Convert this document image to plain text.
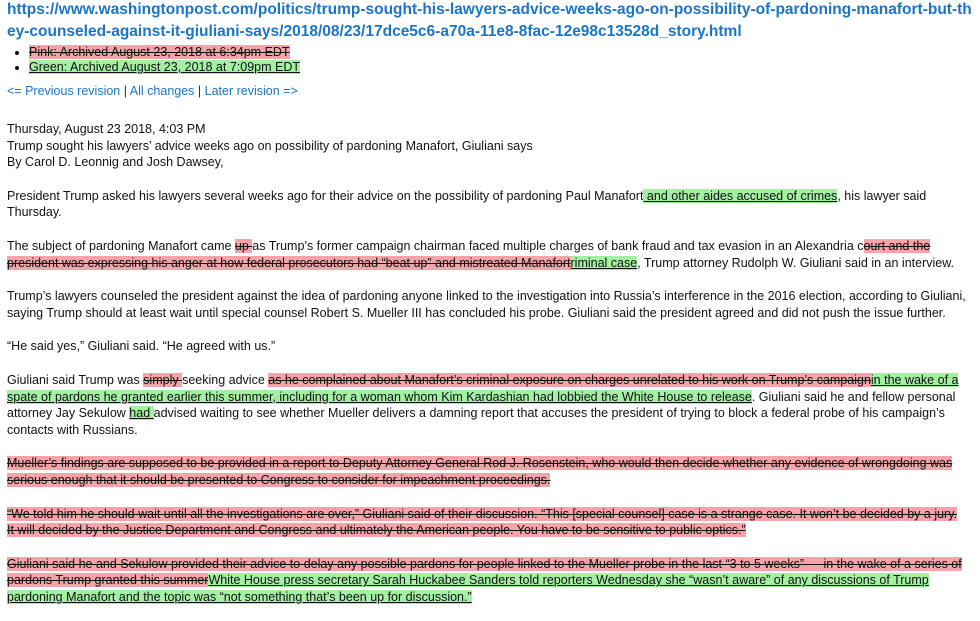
https://www.washingtonpost.com/politics/trump-sought-his-lawyers-advice-weeks-ago-on-possibility-of-pardoning-manafort-but-they-counseled-against-it-giuliani-says/2018/08/23/17dce5c6-a70a-11e8-8fac-12e98c13528d_story.html
• Pink: Archived August 23, 2018 at 6:34pm EDT
• Green: Archived August 23, 2018 at 7:09pm EDT
<= Previous revision | All changes | Later revision =>
Thursday, August 23 2018, 4:03 PM
Trump sought his lawyers’ advice weeks ago on possibility of pardoning Manafort, Giuliani says
By Carol D. Leonnig and Josh Dawsey,

President Trump asked his lawyers several weeks ago for their advice on the possibility of pardoning Paul Manafort and other aides accused of crimes, his lawyer said Thursday.

The subject of pardoning Manafort came up as Trump’s former campaign chairman faced multiple charges of bank fraud and tax evasion in an Alexandria court and the president was expressing his anger at how federal prosecutors had “beat up” and mistreated Manafortriminal case, Trump attorney Rudolph W. Giuliani said in an interview.

Trump’s lawyers counseled the president against the idea of pardoning anyone linked to the investigation into Russia’s interference in the 2016 election, according to Giuliani, saying Trump should at least wait until special counsel Robert S. Mueller III has concluded his probe. Giuliani said the president agreed and did not push the issue further.

“He said yes,” Giuliani said. “He agreed with us.”

Giuliani said Trump was simply seeking advice as he complained about Manafort’s criminal exposure on charges unrelated to his work on Trump’s campaignin the wake of a spate of pardons he granted earlier this summer, including for a woman whom Kim Kardashian had lobbied the White House to release. Giuliani said he and fellow personal attorney Jay Sekulow had advised waiting to see whether Mueller delivers a damning report that accuses the president of trying to block a federal probe of his campaign’s contacts with Russians.

Mueller’s findings are supposed to be provided in a report to Deputy Attorney General Rod J. Rosenstein, who would then decide whether any evidence of wrongdoing was serious enough that it should be presented to Congress to consider for impeachment proceedings.

“We told him he should wait until all the investigations are over,” Giuliani said of their discussion. “This [special counsel] case is a strange case. It won’t be decided by a jury. It will decided by the Justice Department and Congress and ultimately the American people. You have to be sensitive to public optics.”

Giuliani said he and Sekulow provided their advice to delay any possible pardons for people linked to the Mueller probe in the last “3 to 5 weeks” — in the wake of a series of pardons Trump granted this summerWhite House press secretary Sarah Huckabee Sanders told reporters Wednesday she “wasn’t aware” of any discussions of Trump pardoning Manafort and the topic was “not something that’s been up for discussion.”
